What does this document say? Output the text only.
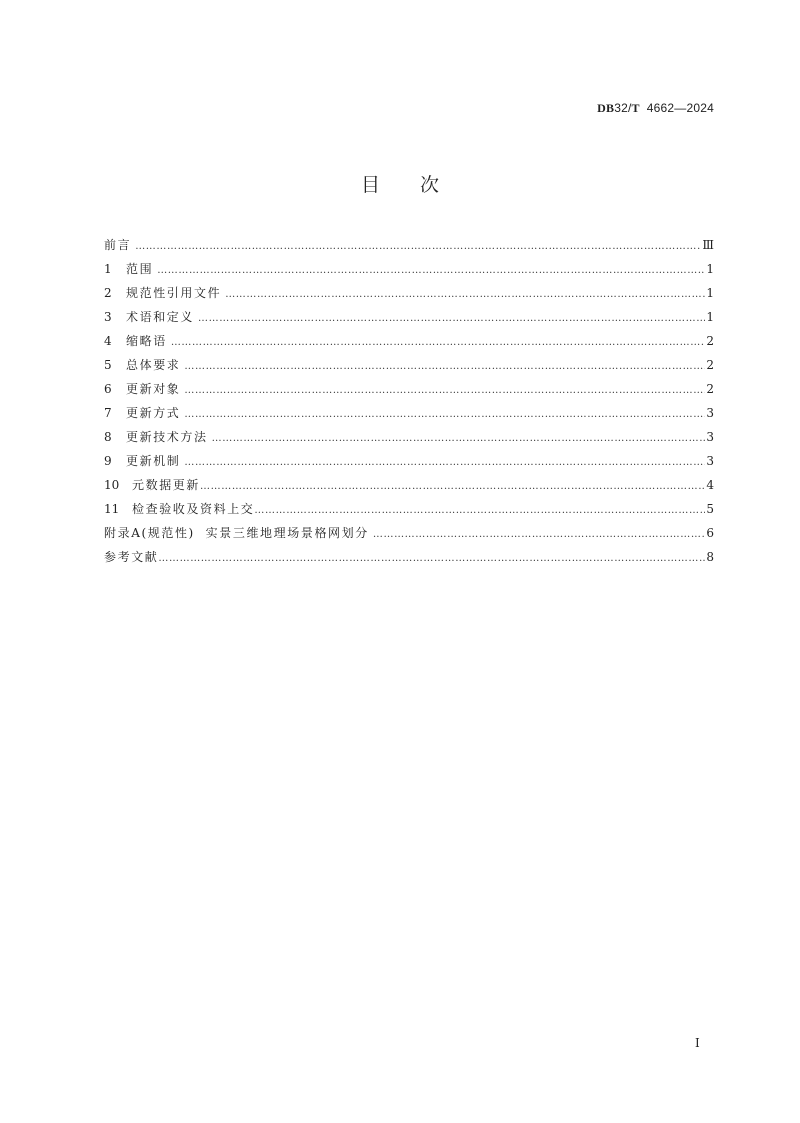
DB32/T 4662—2024
目 次
前言 …………………………………………………………………………………………………………………………………………………………………………………………………………………………………………	Ⅲ
1	范围 …………………………………………………………………………………………………………………………………………………………………………………………………………………………………………	1
2	规范性引用文件 …………………………………………………………………………………………………………………………………………………………………………………………………………………………………………	1
3	术语和定义 …………………………………………………………………………………………………………………………………………………………………………………………………………………………………………	1
4	缩略语 …………………………………………………………………………………………………………………………………………………………………………………………………………………………………………	2
5	总体要求 …………………………………………………………………………………………………………………………………………………………………………………………………………………………………………	2
6	更新对象 …………………………………………………………………………………………………………………………………………………………………………………………………………………………………………	2
7	更新方式 …………………………………………………………………………………………………………………………………………………………………………………………………………………………………………	3
8	更新技术方法 …………………………………………………………………………………………………………………………………………………………………………………………………………………………………………	3
9	更新机制 …………………………………………………………………………………………………………………………………………………………………………………………………………………………………………	3
10	元数据更新 …………………………………………………………………………………………………………………………………………………………………………………………………………………………………………	4
11	检查验收及资料上交 …………………………………………………………………………………………………………………………………………………………………………………………………………………………………………	5
附录A(规范性)  实景三维地理场景格网划分 …………………………………………………………………………………………………………………………………………………………………………………………………………………………………………	6
参考文献 …………………………………………………………………………………………………………………………………………………………………………………………………………………………………………	8
I
